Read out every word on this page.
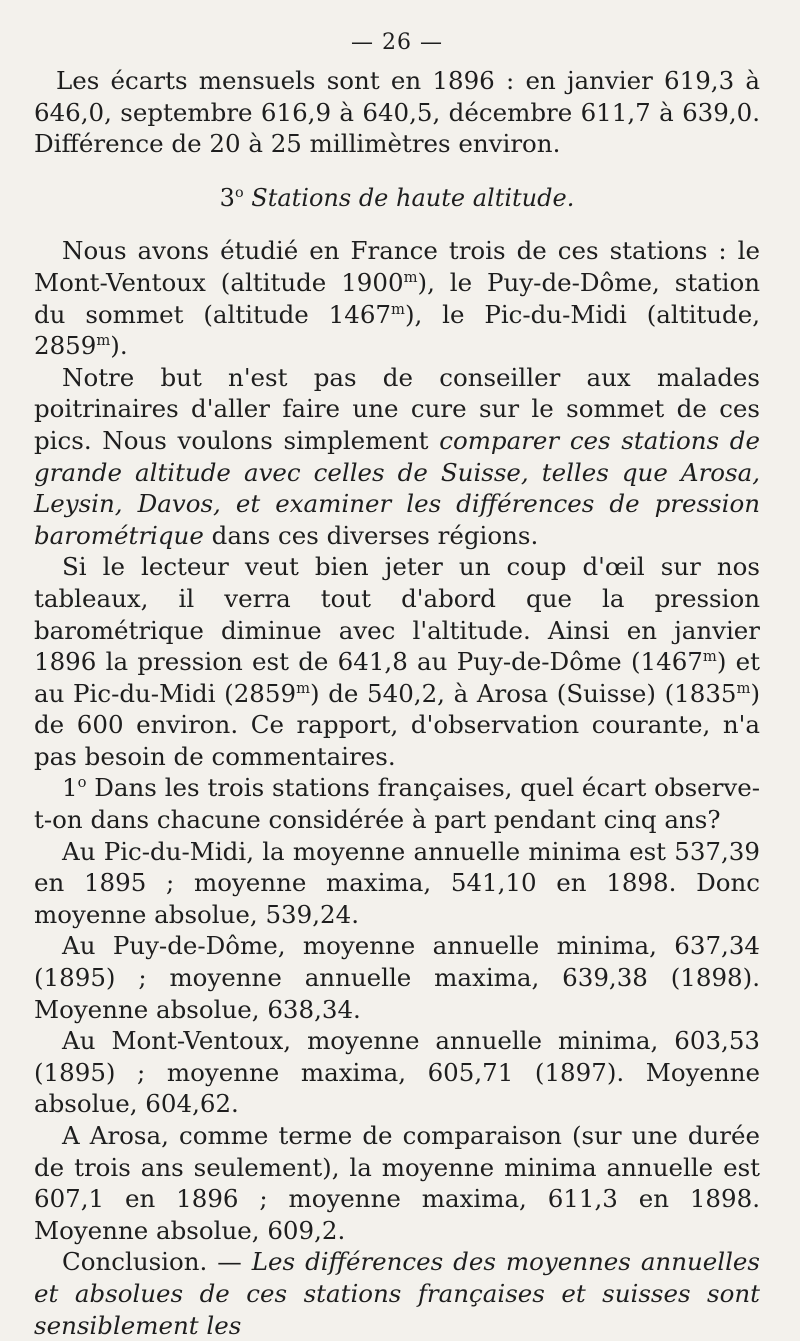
— 26 —

Les écarts mensuels sont en 1896 : en janvier 619,3 à 646,0, septembre 616,9 à 640,5, décembre 611,7 à 639,0. Différence de 20 à 25 millimètres environ.

3$^o$ Stations de haute altitude.

Nous avons étudié en France trois de ces stations : le Mont-Ventoux (altitude 1900$^m$), le Puy-de-Dôme, station du sommet (altitude 1467$^m$), le Pic-du-Midi (altitude, 2859$^m$).

Notre but n'est pas de conseiller aux malades poitrinaires d'aller faire une cure sur le sommet de ces pics. Nous voulons simplement comparer ces stations de grande altitude avec celles de Suisse, telles que Arosa, Leysin, Davos, et examiner les différences de pression barométrique dans ces diverses régions.

Si le lecteur veut bien jeter un coup d'œil sur nos tableaux, il verra tout d'abord que la pression barométrique diminue avec l'altitude. Ainsi en janvier 1896 la pression est de 641,8 au Puy-de-Dôme (1467$^m$) et au Pic-du-Midi (2859$^m$) de 540,2, à Arosa (Suisse) (1835$^m$) de 600 environ. Ce rapport, d'observation courante, n'a pas besoin de commentaires.

1$^o$ Dans les trois stations françaises, quel écart observe-t-on dans chacune considérée à part pendant cinq ans?

Au Pic-du-Midi, la moyenne annuelle minima est 537,39 en 1895 ; moyenne maxima, 541,10 en 1898. Donc moyenne absolue, 539,24.

Au Puy-de-Dôme, moyenne annuelle minima, 637,34 (1895) ; moyenne annuelle maxima, 639,38 (1898). Moyenne absolue, 638,34.

Au Mont-Ventoux, moyenne annuelle minima, 603,53 (1895) ; moyenne maxima, 605,71 (1897). Moyenne absolue, 604,62.

A Arosa, comme terme de comparaison (sur une durée de trois ans seulement), la moyenne minima annuelle est 607,1 en 1896 ; moyenne maxima, 611,3 en 1898. Moyenne absolue, 609,2.

Conclusion. — Les différences des moyennes annuelles et absolues de ces stations françaises et suisses sont sensiblement les
